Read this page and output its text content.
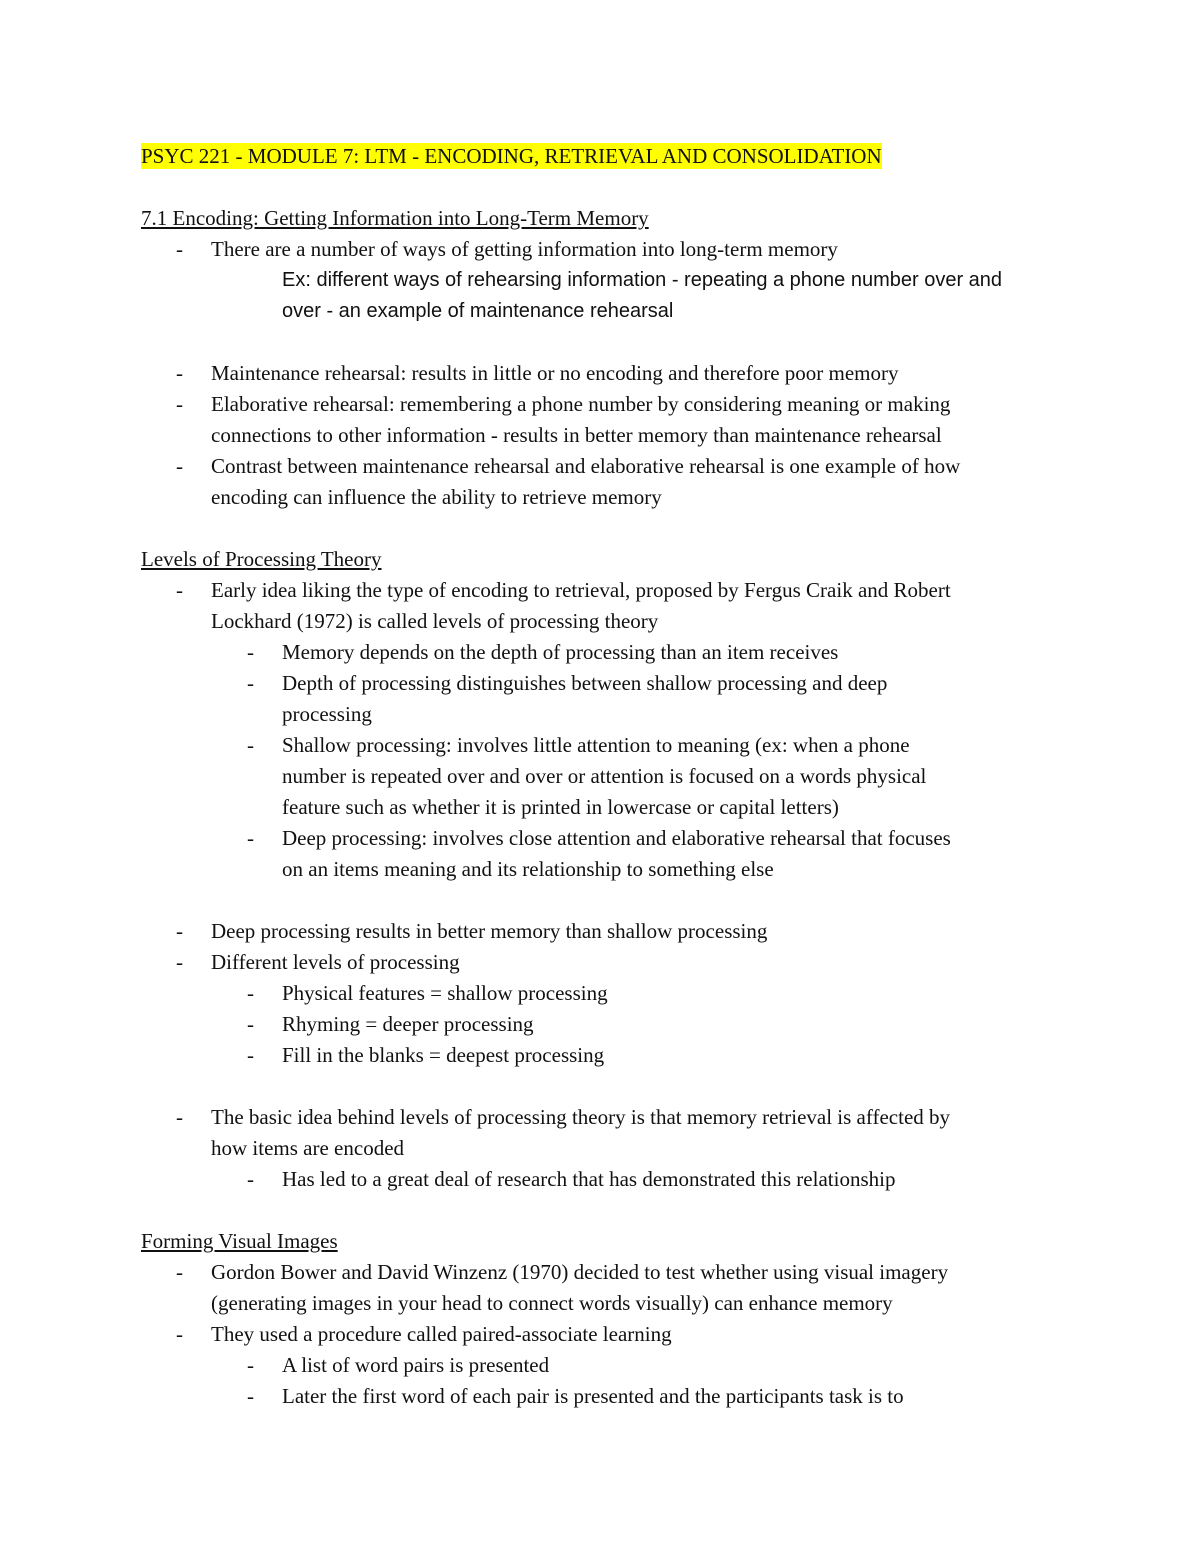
PSYC 221 - MODULE 7: LTM - ENCODING, RETRIEVAL AND CONSOLIDATION
7.1 Encoding: Getting Information into Long-Term Memory
- There are a number of ways of getting information into long-term memory
Ex: different ways of rehearsing information - repeating a phone number over and
over - an example of maintenance rehearsal
- Maintenance rehearsal: results in little or no encoding and therefore poor memory
- Elaborative rehearsal: remembering a phone number by considering meaning or making
connections to other information - results in better memory than maintenance rehearsal
- Contrast between maintenance rehearsal and elaborative rehearsal is one example of how
encoding can influence the ability to retrieve memory
Levels of Processing Theory
- Early idea liking the type of encoding to retrieval, proposed by Fergus Craik and Robert
Lockhard (1972) is called levels of processing theory
- Memory depends on the depth of processing than an item receives
- Depth of processing distinguishes between shallow processing and deep
processing
- Shallow processing: involves little attention to meaning (ex: when a phone
number is repeated over and over or attention is focused on a words physical
feature such as whether it is printed in lowercase or capital letters)
- Deep processing: involves close attention and elaborative rehearsal that focuses
on an items meaning and its relationship to something else
- Deep processing results in better memory than shallow processing
- Different levels of processing
- Physical features = shallow processing
- Rhyming = deeper processing
- Fill in the blanks = deepest processing
- The basic idea behind levels of processing theory is that memory retrieval is affected by
how items are encoded
- Has led to a great deal of research that has demonstrated this relationship
Forming Visual Images
- Gordon Bower and David Winzenz (1970) decided to test whether using visual imagery
(generating images in your head to connect words visually) can enhance memory
- They used a procedure called paired-associate learning
- A list of word pairs is presented
- Later the first word of each pair is presented and the participants task is to
